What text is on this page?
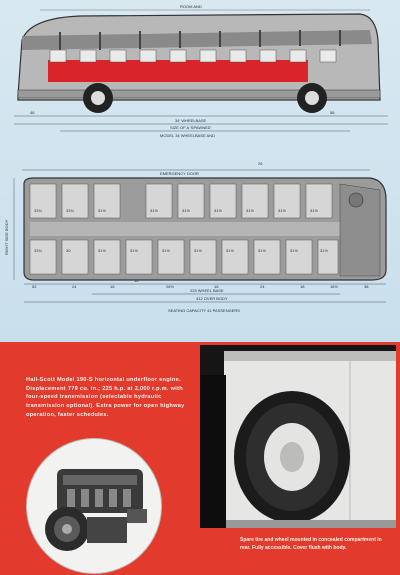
ROOM AND
46	58
34' WHEELBASE
SIZE OF A 'SPAWNED'
MODEL 34 WHEELBASE AND
26
EMERGENCY DOOR
33¾	33¾	31½	31½	31½	31½	31½	31½	31½
33¾	30	31½	31½	31½	31½	31½	31½	31½	31½
RIGHT SIDE BODY
52	24	18
16
26½	18	24	18	16½	38
225 WHEEL BASE
412 OVER BODY
SEATING CAPACITY 41 PASSENGERS
Hall-Scott Model 190-S horizontal underfloor engine. Displacement 779 cu. in.; 225 h.p. at 2,000 r.p.m. with four-speed transmission (selectable hydraulic transmission optional). Extra power for open highway operation, faster schedules.
Spare tire and wheel mounted in concealed compartment in rear. Fully accessible. Cover flush with body.
